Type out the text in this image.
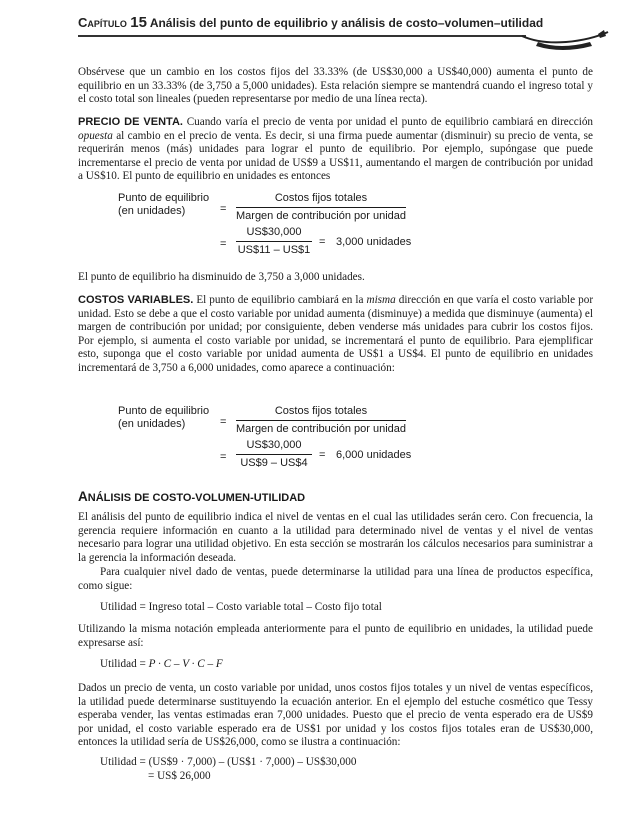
Capítulo 15 Análisis del punto de equilibrio y análisis de costo–volumen–utilidad

Obsérvese que un cambio en los costos fijos del 33.33% (de US$30,000 a US$40,000) aumenta el punto de equilibrio en un 33.33% (de 3,750 a 5,000 unidades). Esta relación siempre se mantendrá cuando el ingreso total y el costo total son lineales (pueden representarse por medio de una línea recta).

PRECIO DE VENTA. Cuando varía el precio de venta por unidad el punto de equilibrio cambiará en dirección opuesta al cambio en el precio de venta. Es decir, si una firma puede aumentar (disminuir) su precio de venta, se requerirán menos (más) unidades para lograr el punto de equilibrio. Por ejemplo, supóngase que puede incrementarse el precio de venta por unidad de US$9 a US$11, aumentando el margen de contribución por unidad a US$10. El punto de equilibrio en unidades es entonces

Punto de equilibrio
(en unidades)	=
Costos fijos totales
Margen de contribución por unidad
=
US$30,000
US$11 – US$1
= 3,000 unidades

El punto de equilibrio ha disminuido de 3,750 a 3,000 unidades.

COSTOS VARIABLES. El punto de equilibrio cambiará en la misma dirección en que varía el costo variable por unidad. Esto se debe a que el costo variable por unidad aumenta (disminuye) a medida que disminuye (aumenta) el margen de contribución por unidad; por consiguiente, deben venderse más unidades para cubrir los costos fijos. Por ejemplo, si aumenta el costo variable por unidad, se incrementará el punto de equilibrio. Para ejemplificar esto, suponga que el costo variable por unidad aumenta de US$1 a US$4. El punto de equilibrio en unidades incrementará de 3,750 a 6,000 unidades, como aparece a continuación:

Punto de equilibrio
(en unidades)	=
Costos fijos totales
Margen de contribución por unidad
=
US$30,000
US$9 – US$4
= 6,000 unidades
ANÁLISIS DE COSTO-VOLUMEN-UTILIDAD

El análisis del punto de equilibrio indica el nivel de ventas en el cual las utilidades serán cero. Con frecuencia, la gerencia requiere información en cuanto a la utilidad para determinado nivel de ventas y el nivel de ventas necesario para lograr una utilidad objetivo. En esta sección se mostrarán los cálculos necesarios para suministrar a la gerencia la información deseada.

Para cualquier nivel dado de ventas, puede determinarse la utilidad para una línea de productos específica, como sigue:

Utilidad = Ingreso total – Costo variable total – Costo fijo total

Utilizando la misma notación empleada anteriormente para el punto de equilibrio en unidades, la utilidad puede expresarse así:

Utilidad = P · C – V · C – F

Dados un precio de venta, un costo variable por unidad, unos costos fijos totales y un nivel de ventas específicos, la utilidad puede determinarse sustituyendo la ecuación anterior. En el ejemplo del estuche cosmético que Tessy esperaba vender, las ventas estimadas eran 7,000 unidades. Puesto que el precio de venta esperado era de US$9 por unidad, el costo variable esperado era de US$1 por unidad y los costos fijos totales eran de US$30,000, entonces la utilidad sería de US$26,000, como se ilustra a continuación:

Utilidad = (US$9 · 7,000) – (US$1 · 7,000) – US$30,000
= US$ 26,000
